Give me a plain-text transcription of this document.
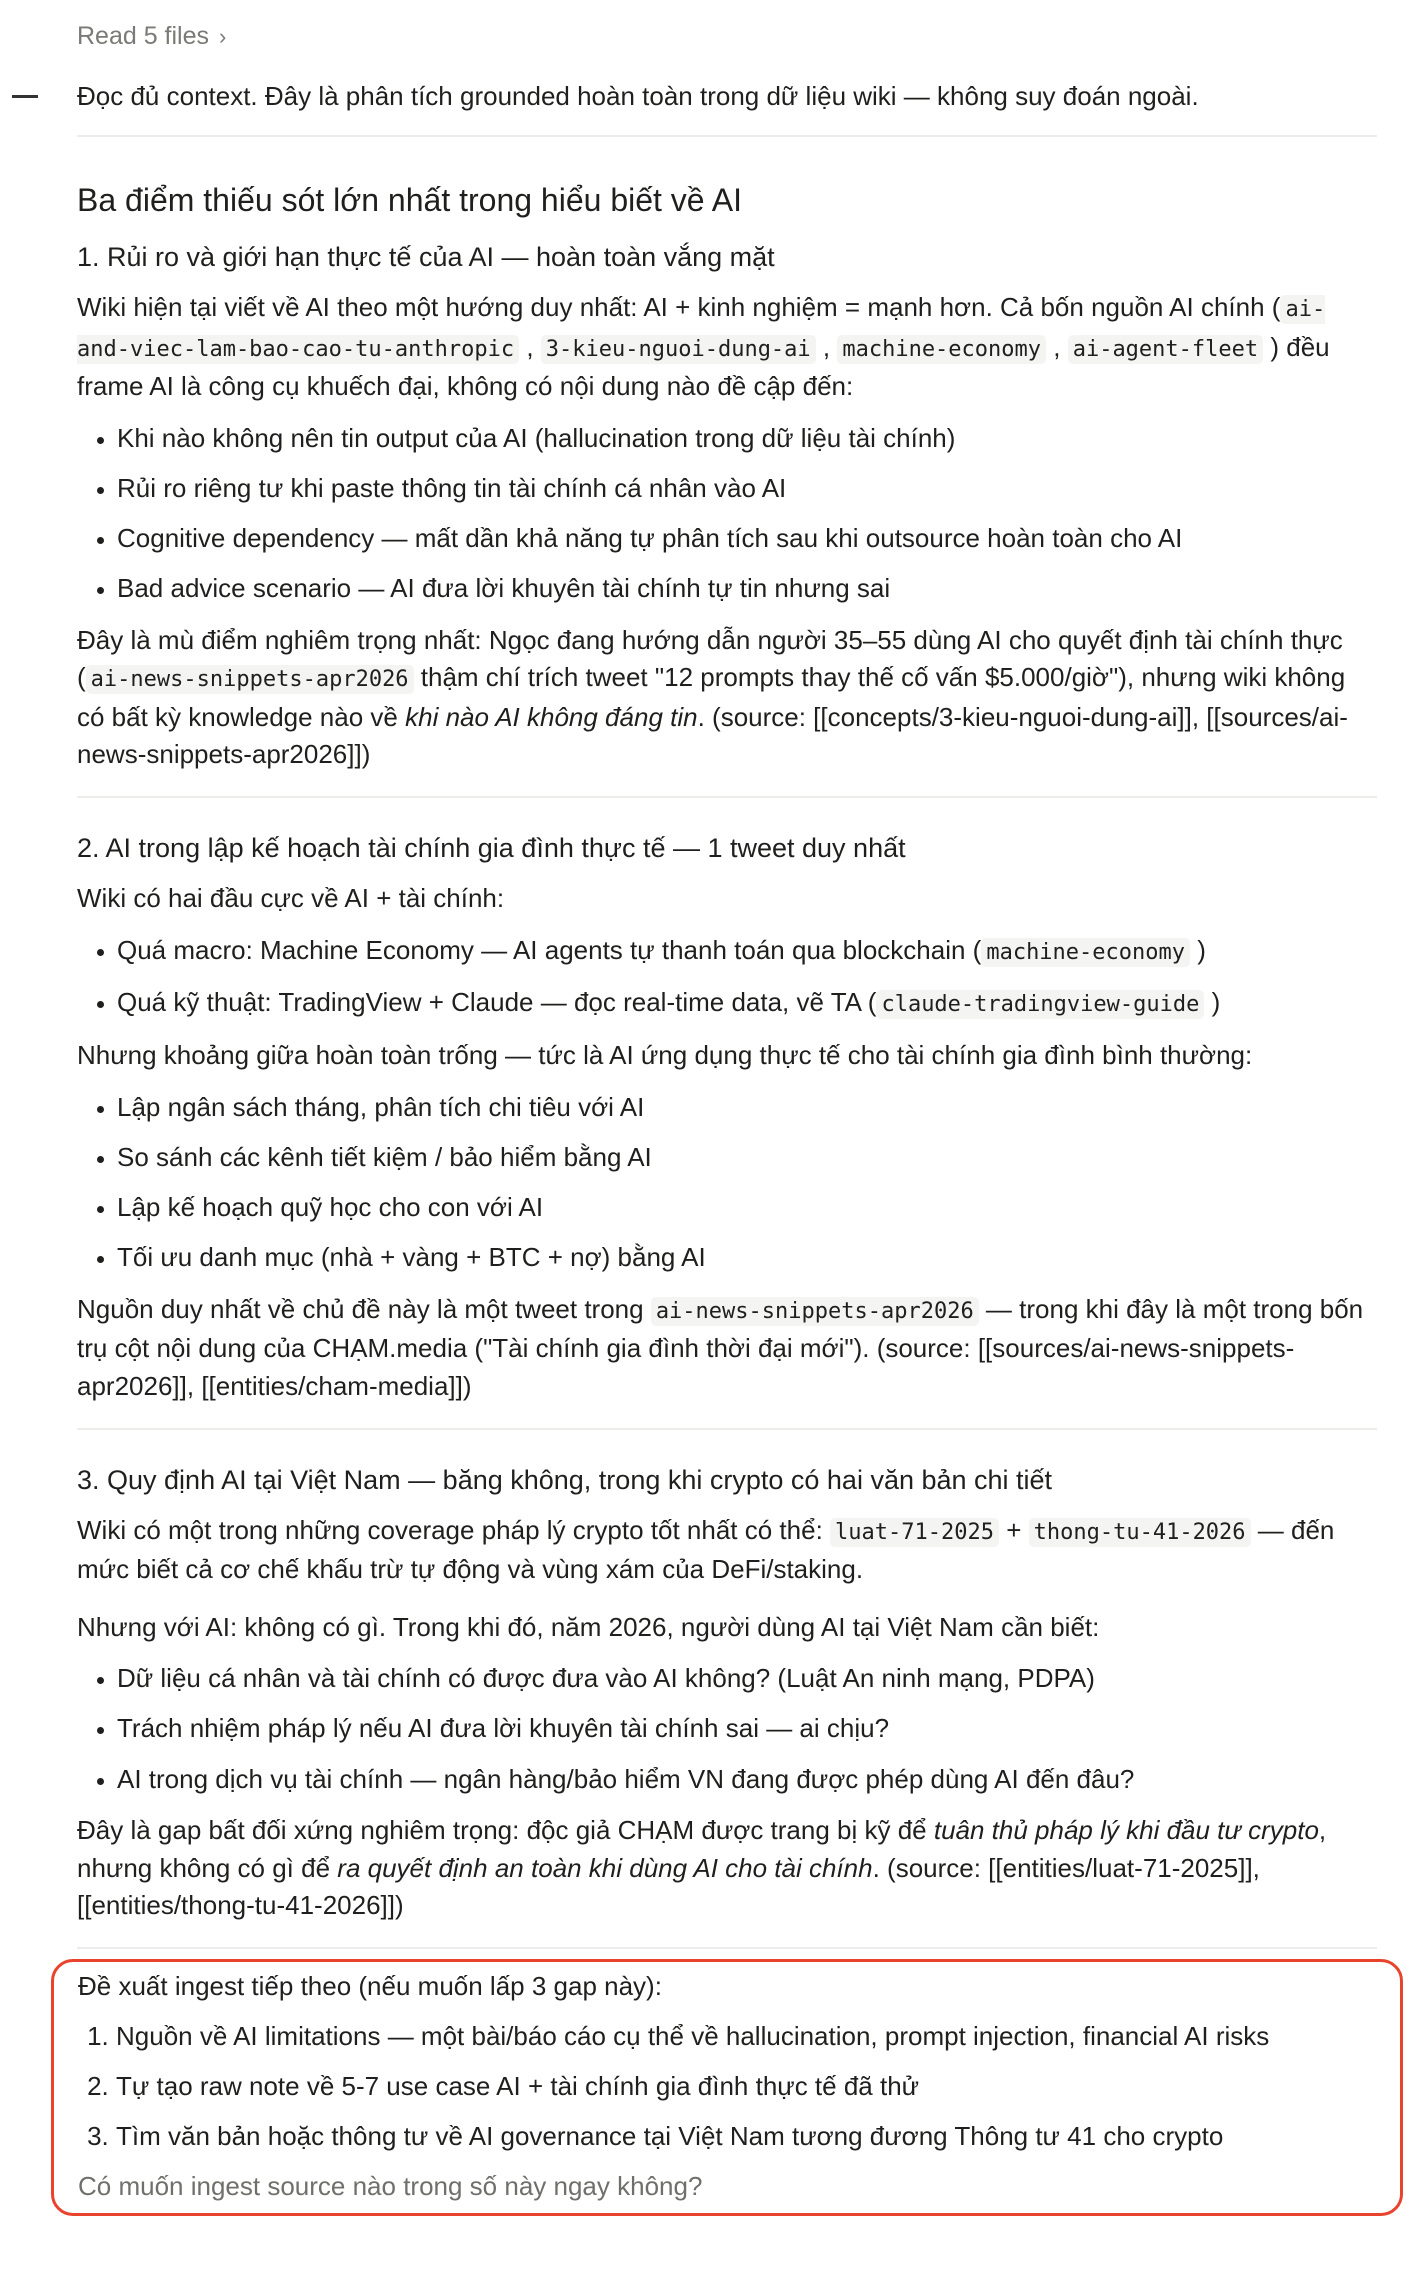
Read 5 files ›

Đọc đủ context. Đây là phân tích grounded hoàn toàn trong dữ liệu wiki — không suy đoán ngoài.

Ba điểm thiếu sót lớn nhất trong hiểu biết về AI
1. Rủi ro và giới hạn thực tế của AI — hoàn toàn vắng mặt

Wiki hiện tại viết về AI theo một hướng duy nhất: AI + kinh nghiệm = mạnh hơn. Cả bốn nguồn AI chính ( ai-and-viec-lam-bao-cao-tu-anthropic , 3-kieu-nguoi-dung-ai , machine-economy , ai-agent-fleet ) đều frame AI là công cụ khuếch đại, không có nội dung nào đề cập đến:

• Khi nào không nên tin output của AI (hallucination trong dữ liệu tài chính)
• Rủi ro riêng tư khi paste thông tin tài chính cá nhân vào AI
• Cognitive dependency — mất dần khả năng tự phân tích sau khi outsource hoàn toàn cho AI
• Bad advice scenario — AI đưa lời khuyên tài chính tự tin nhưng sai

Đây là mù điểm nghiêm trọng nhất: Ngọc đang hướng dẫn người 35–55 dùng AI cho quyết định tài chính thực ( ai-news-snippets-apr2026 thậm chí trích tweet "12 prompts thay thế cố vấn $5.000/giờ"), nhưng wiki không có bất kỳ knowledge nào về khi nào AI không đáng tin. (source: [[concepts/3-kieu-nguoi-dung-ai]], [[sources/ai-news-snippets-apr2026]])

2. AI trong lập kế hoạch tài chính gia đình thực tế — 1 tweet duy nhất

Wiki có hai đầu cực về AI + tài chính:

• Quá macro: Machine Economy — AI agents tự thanh toán qua blockchain ( machine-economy )
• Quá kỹ thuật: TradingView + Claude — đọc real-time data, vẽ TA ( claude-tradingview-guide )

Nhưng khoảng giữa hoàn toàn trống — tức là AI ứng dụng thực tế cho tài chính gia đình bình thường:

• Lập ngân sách tháng, phân tích chi tiêu với AI
• So sánh các kênh tiết kiệm / bảo hiểm bằng AI
• Lập kế hoạch quỹ học cho con với AI
• Tối ưu danh mục (nhà + vàng + BTC + nợ) bằng AI

Nguồn duy nhất về chủ đề này là một tweet trong ai-news-snippets-apr2026 — trong khi đây là một trong bốn trụ cột nội dung của CHẠM.media ("Tài chính gia đình thời đại mới"). (source: [[sources/ai-news-snippets-apr2026]], [[entities/cham-media]])

3. Quy định AI tại Việt Nam — băng không, trong khi crypto có hai văn bản chi tiết

Wiki có một trong những coverage pháp lý crypto tốt nhất có thể: luat-71-2025 + thong-tu-41-2026 — đến mức biết cả cơ chế khấu trừ tự động và vùng xám của DeFi/staking.

Nhưng với AI: không có gì. Trong khi đó, năm 2026, người dùng AI tại Việt Nam cần biết:

• Dữ liệu cá nhân và tài chính có được đưa vào AI không? (Luật An ninh mạng, PDPA)
• Trách nhiệm pháp lý nếu AI đưa lời khuyên tài chính sai — ai chịu?
• AI trong dịch vụ tài chính — ngân hàng/bảo hiểm VN đang được phép dùng AI đến đâu?

Đây là gap bất đối xứng nghiêm trọng: độc giả CHẠM được trang bị kỹ để tuân thủ pháp lý khi đầu tư crypto, nhưng không có gì để ra quyết định an toàn khi dùng AI cho tài chính. (source: [[entities/luat-71-2025]], [[entities/thong-tu-41-2026]])

Đề xuất ingest tiếp theo (nếu muốn lấp 3 gap này):

1. Nguồn về AI limitations — một bài/báo cáo cụ thể về hallucination, prompt injection, financial AI risks
2. Tự tạo raw note về 5-7 use case AI + tài chính gia đình thực tế đã thử
3. Tìm văn bản hoặc thông tư về AI governance tại Việt Nam tương đương Thông tư 41 cho crypto

Có muốn ingest source nào trong số này ngay không?
